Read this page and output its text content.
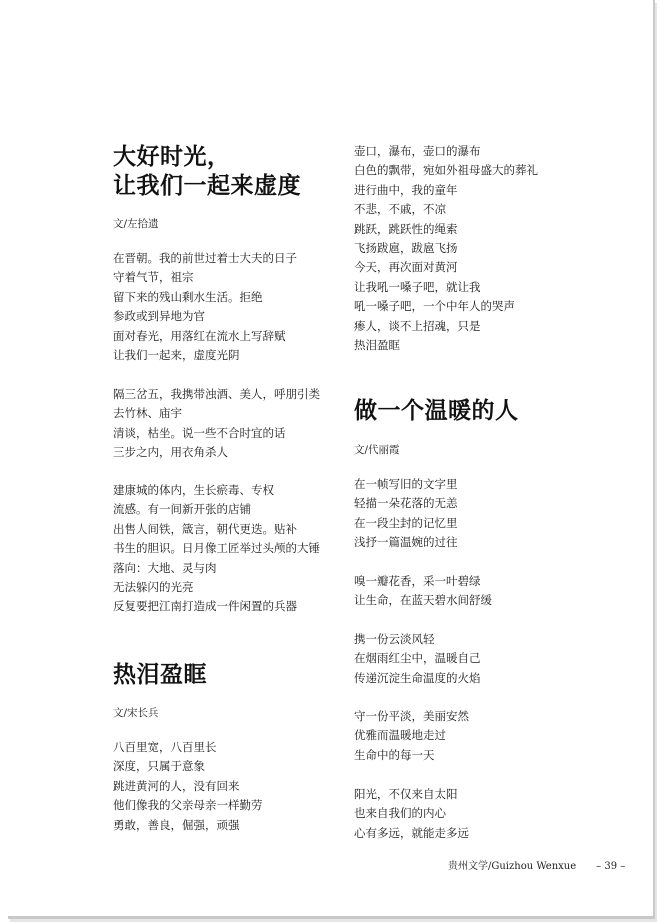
大好时光，
让我们一起来虚度

文/左拾遗

在晋朝。我的前世过着士大夫的日子
守着气节，祖宗
留下来的残山剩水生活。拒绝
参政或到异地为官
面对春光，用落红在流水上写辞赋
让我们一起来，虚度光阴
隔三岔五，我携带浊酒、美人，呼朋引类
去竹林、庙宇
清谈，枯坐。说一些不合时宜的话
三步之内，用衣角杀人
建康城的体内，生长瘀毒、专权
流感。有一间新开张的店铺
出售人间铁，箴言，朝代更迭。贴补
书生的胆识。日月像工匠举过头颅的大锤
落向：大地、灵与肉
无法躲闪的光亮
反复要把江南打造成一件闲置的兵器
热泪盈眶

文/宋长兵

八百里宽，八百里长
深度，只属于意象
跳进黄河的人，没有回来
他们像我的父亲母亲一样勤劳
勇敢，善良，倔强，顽强
壶口，瀑布，壶口的瀑布
白色的飘带，宛如外祖母盛大的葬礼
进行曲中，我的童年
不悲，不戚，不凉
跳跃，跳跃性的绳索
飞扬跋扈，跋扈飞扬
今天，再次面对黄河
让我吼一嗓子吧，就让我
吼一嗓子吧，一个中年人的哭声
瘆人，谈不上招魂，只是
热泪盈眶
做一个温暖的人

文/代丽霞

在一帧写旧的文字里
轻描一朵花落的无恙
在一段尘封的记忆里
浅抒一篇温婉的过往
嗅一瓣花香，采一叶碧绿
让生命，在蓝天碧水间舒缓
携一份云淡风轻
在烟雨红尘中，温暖自己
传递沉淀生命温度的火焰
守一份平淡，美丽安然
优雅而温暖地走过
生命中的每一天
阳光，不仅来自太阳
也来自我们的内心
心有多远，就能走多远
贵州文学/Guizhou Wenxue – 39 –
